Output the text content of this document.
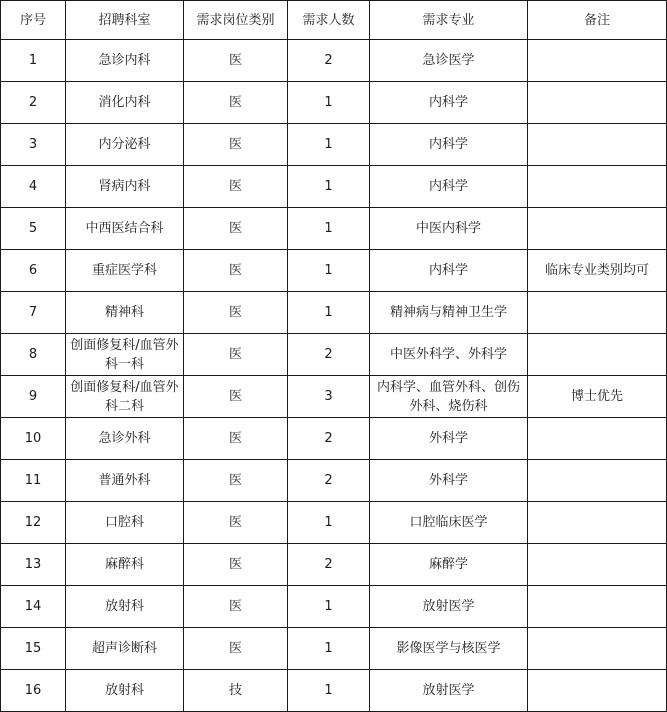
序号	招聘科室	需求岗位类别	需求人数	需求专业	备注
1	急诊内科	医	2	急诊医学	
2	消化内科	医	1	内科学	
3	内分泌科	医	1	内科学	
4	肾病内科	医	1	内科学	
5	中西医结合科	医	1	中医内科学	
6	重症医学科	医	1	内科学	临床专业类别均可
7	精神科	医	1	精神病与精神卫生学	
8	创面修复科/血管外科一科	医	2	中医外科学、外科学	
9	创面修复科/血管外科二科	医	3	内科学、血管外科、创伤外科、烧伤科	博士优先
10	急诊外科	医	2	外科学	
11	普通外科	医	2	外科学	
12	口腔科	医	1	口腔临床医学	
13	麻醉科	医	2	麻醉学	
14	放射科	医	1	放射医学	
15	超声诊断科	医	1	影像医学与核医学	
16	放射科	技	1	放射医学	
